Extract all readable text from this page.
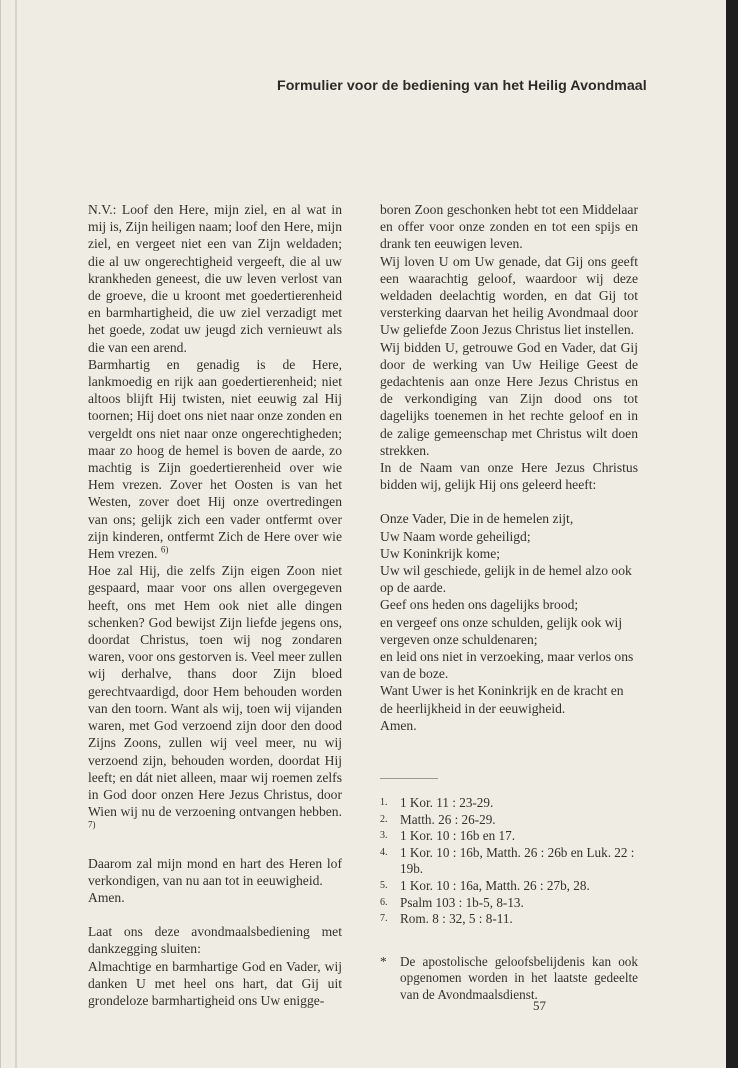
Formulier voor de bediening van het Heilig Avondmaal

N.V.: Loof den Here, mijn ziel, en al wat in mij is, Zijn heiligen naam; loof den Here, mijn ziel, en vergeet niet een van Zijn weldaden; die al uw ongerechtigheid vergeeft, die al uw krankheden geneest, die uw leven verlost van de groeve, die u kroont met goedertierenheid en barmhartigheid, die uw ziel verzadigt met het goede, zodat uw jeugd zich vernieuwt als die van een arend.

Barmhartig en genadig is de Here, lankmoedig en rijk aan goedertierenheid; niet altoos blijft Hij twisten, niet eeuwig zal Hij toornen; Hij doet ons niet naar onze zonden en vergeldt ons niet naar onze ongerechtigheden; maar zo hoog de hemel is boven de aarde, zo machtig is Zijn goedertierenheid over wie Hem vrezen. Zover het Oosten is van het Westen, zover doet Hij onze overtredingen van ons; gelijk zich een vader ontfermt over zijn kinderen, ontfermt Zich de Here over wie Hem vrezen. $^{6)}$

Hoe zal Hij, die zelfs Zijn eigen Zoon niet gespaard, maar voor ons allen overgegeven heeft, ons met Hem ook niet alle dingen schenken? God bewijst Zijn liefde jegens ons, doordat Christus, toen wij nog zondaren waren, voor ons gestorven is. Veel meer zullen wij derhalve, thans door Zijn bloed gerechtvaardigd, door Hem behouden worden van den toorn. Want als wij, toen wij vijanden waren, met God verzoend zijn door den dood Zijns Zoons, zullen wij veel meer, nu wij verzoend zijn, behouden worden, doordat Hij leeft; en dát niet alleen, maar wij roemen zelfs in God door onzen Here Jezus Christus, door Wien wij nu de verzoening ontvangen hebben. $^{7)}$

Daarom zal mijn mond en hart des Heren lof verkondigen, van nu aan tot in eeuwigheid.

Amen.

Laat ons deze avondmaalsbediening met dankzegging sluiten:

Almachtige en barmhartige God en Vader, wij danken U met heel ons hart, dat Gij uit grondeloze barmhartigheid ons Uw enigge-

boren Zoon geschonken hebt tot een Middelaar en offer voor onze zonden en tot een spijs en drank ten eeuwigen leven.

Wij loven U om Uw genade, dat Gij ons geeft een waarachtig geloof, waardoor wij deze weldaden deelachtig worden, en dat Gij tot versterking daarvan het heilig Avondmaal door Uw geliefde Zoon Jezus Christus liet instellen.

Wij bidden U, getrouwe God en Vader, dat Gij door de werking van Uw Heilige Geest de gedachtenis aan onze Here Jezus Christus en de verkondiging van Zijn dood ons tot dagelijks toenemen in het rechte geloof en in de zalige gemeenschap met Christus wilt doen strekken.

In de Naam van onze Here Jezus Christus bidden wij, gelijk Hij ons geleerd heeft:

Onze Vader, Die in de hemelen zijt,
Uw Naam worde geheiligd;
Uw Koninkrijk kome;
Uw wil geschiede, gelijk in de hemel alzo ook op de aarde.
Geef ons heden ons dagelijks brood;
en vergeef ons onze schulden, gelijk ook wij vergeven onze schuldenaren;
en leid ons niet in verzoeking, maar verlos ons van de boze.
Want Uwer is het Koninkrijk en de kracht en de heerlijkheid in der eeuwigheid.
Amen.
1. 1 Kor. 11 : 23-29.
2. Matth. 26 : 26-29.
3. 1 Kor. 10 : 16b en 17.
4. 1 Kor. 10 : 16b, Matth. 26 : 26b en Luk. 22 : 19b.
5. 1 Kor. 10 : 16a, Matth. 26 : 27b, 28.
6. Psalm 103 : 1b-5, 8-13.
7. Rom. 8 : 32, 5 : 8-11.
*	De apostolische geloofsbelijdenis kan ook opgenomen worden in het laatste gedeelte van de Avondmaalsdienst.
57
